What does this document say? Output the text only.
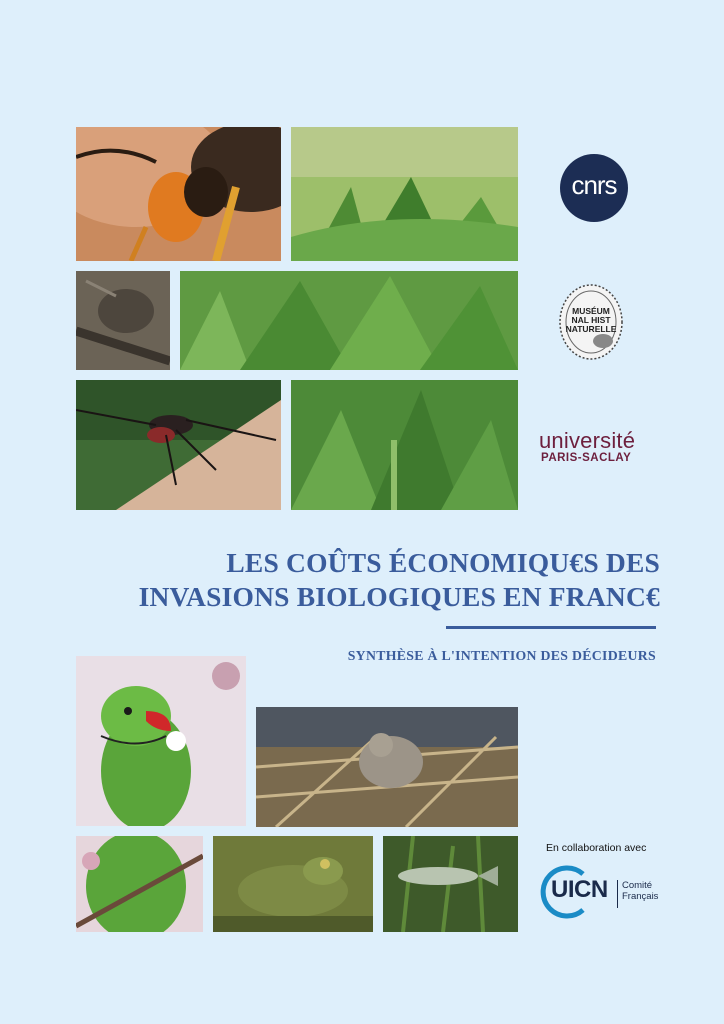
cnrs
MUSÉUM
NAL HIST
NATURELLE
université
PARIS-SACLAY
LES COÛTS ÉCONOMIQU€S DES
INVASIONS BIOLOGIQUES EN FRANC€
SYNTHÈSE À L'INTENTION DES DÉCIDEURS
En collaboration avec
UICN Comité
Français
